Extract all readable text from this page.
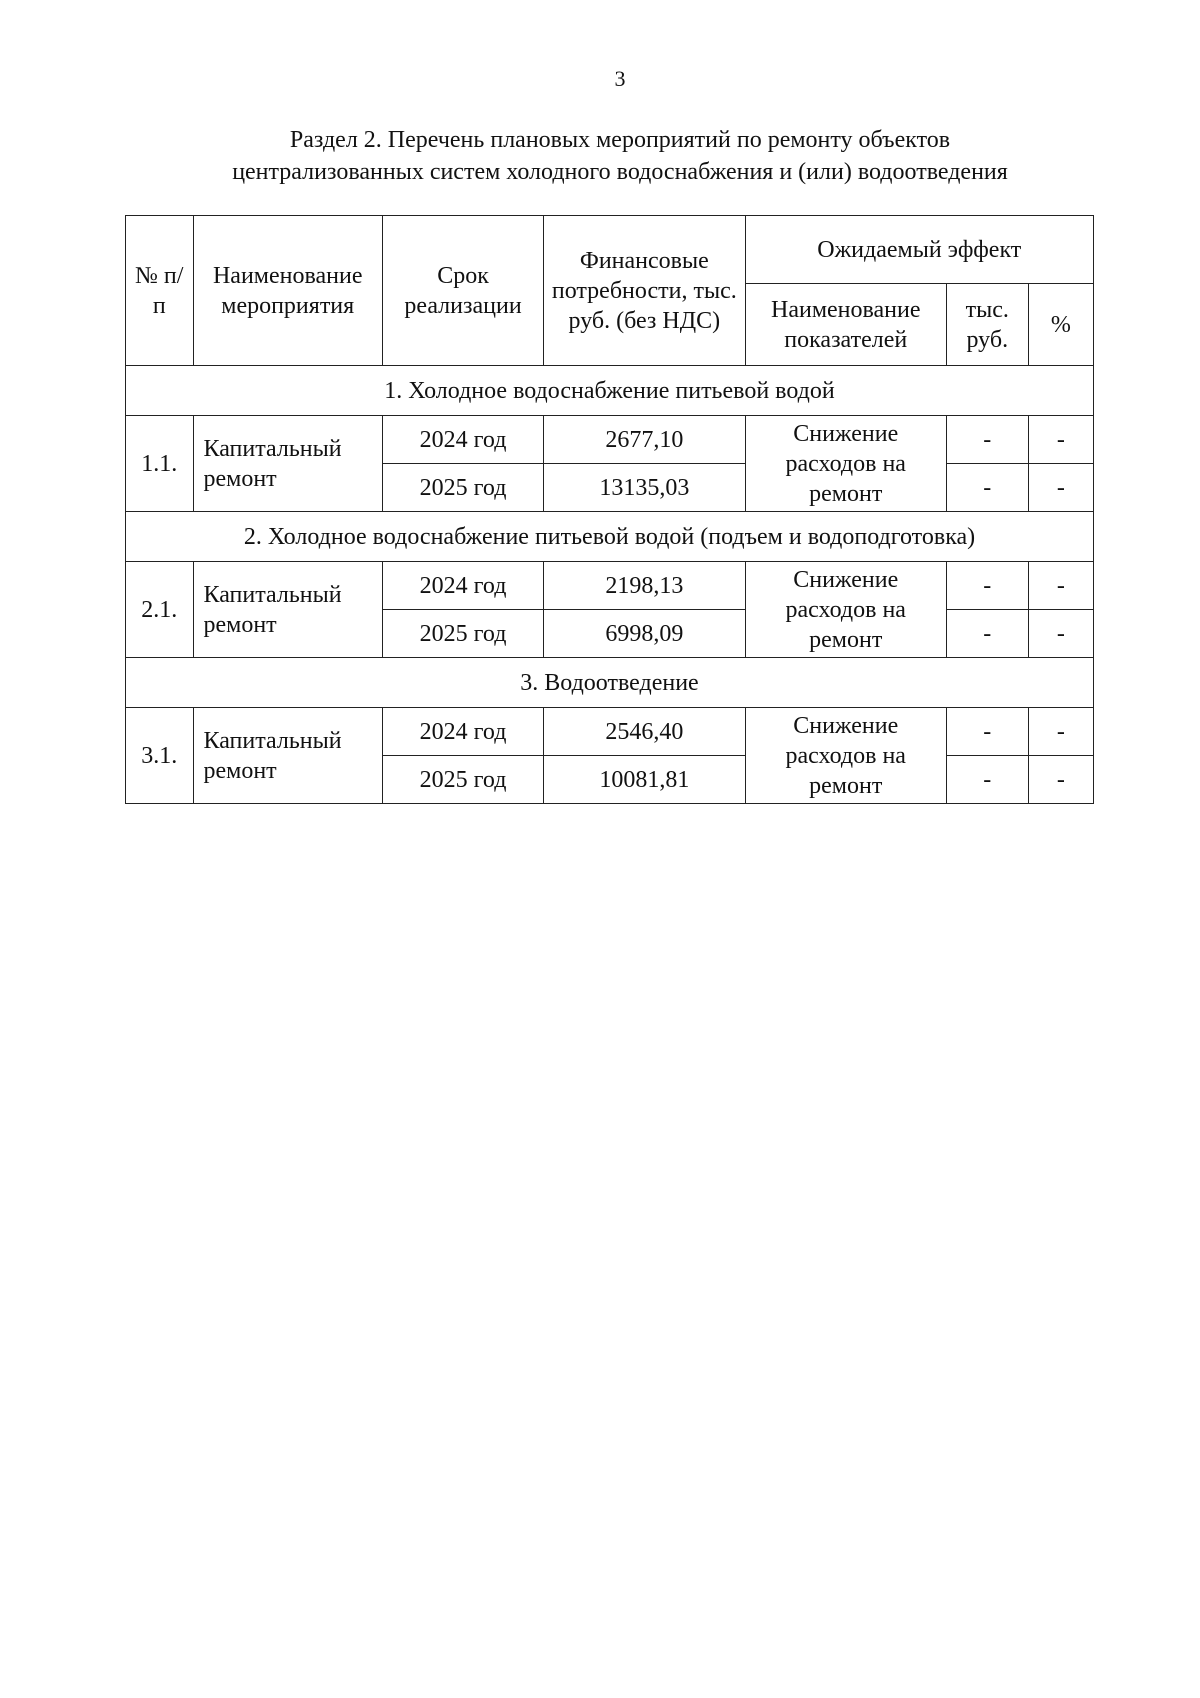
3
Раздел 2. Перечень плановых мероприятий по ремонту объектов
централизованных систем холодного водоснабжения и (или) водоотведения
№ п/п	Наименование мероприятия	Срок реализации	Финансовые потребности, тыс. руб. (без НДС)	Ожидаемый эффект		
				Наименование показателей	тыс. руб.	%
1. Холодное водоснабжение питьевой водой						
1.1.	Капитальный ремонт	2024 год	2677,10	Снижение расходов на ремонт	-	-
		2025 год	13135,03		-	-
2. Холодное водоснабжение питьевой водой (подъем и водоподготовка)						
2.1.	Капитальный ремонт	2024 год	2198,13	Снижение расходов на ремонт	-	-
		2025 год	6998,09		-	-
3. Водоотведение						
3.1.	Капитальный ремонт	2024 год	2546,40	Снижение расходов на ремонт	-	-
		2025 год	10081,81		-	-
